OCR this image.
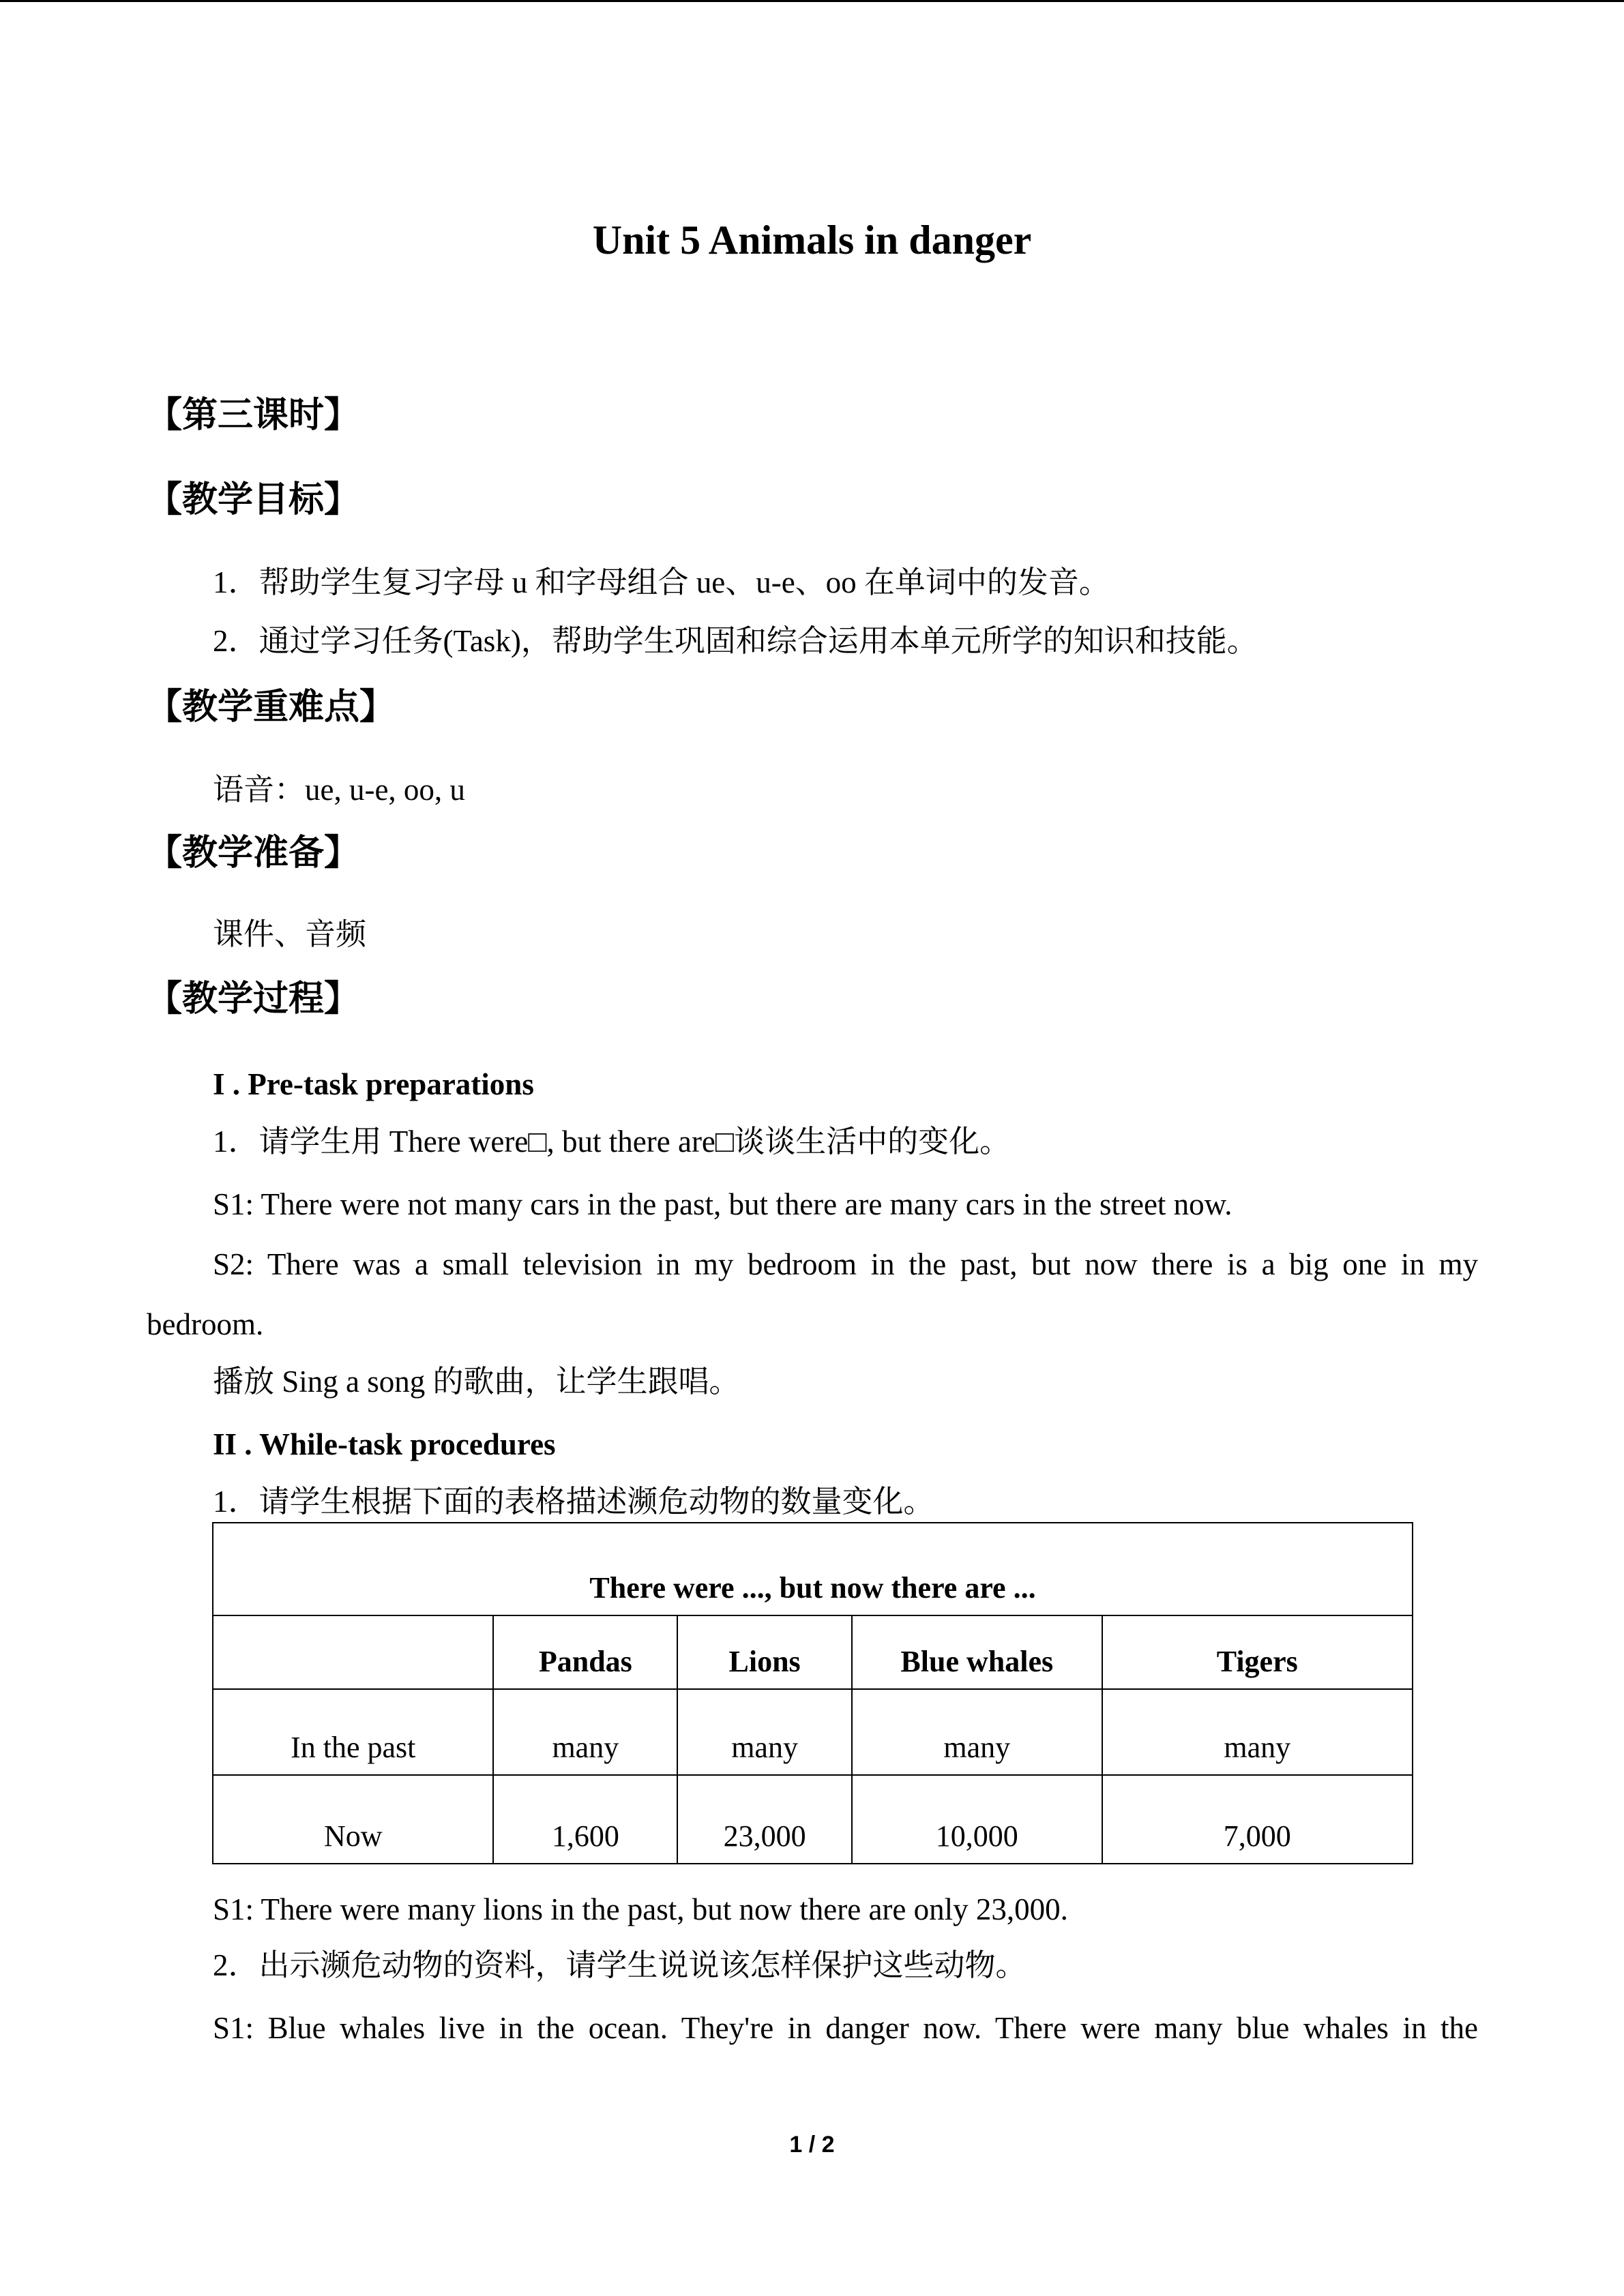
Unit 5 Animals in danger
【第三课时】
【教学目标】
1．帮助学生复习字母 u 和字母组合 ue、u-e、oo 在单词中的发音。
2．通过学习任务(Task)，帮助学生巩固和综合运用本单元所学的知识和技能。
【教学重难点】
语音：ue, u-e, oo, u
【教学准备】
课件、音频
【教学过程】
I . Pre-task preparations
1．请学生用 There were□, but there are□谈谈生活中的变化。
S1: There were not many cars in the past, but there are many cars in the street now.
S2: There was a small television in my bedroom in the past, but now there is a big one in my
bedroom.
播放 Sing a song 的歌曲，让学生跟唱。
II . While-task procedures
1．请学生根据下面的表格描述濒危动物的数量变化。
There were ..., but now there are ...				
	Pandas	Lions	Blue whales	Tigers
In the past	many	many	many	many
Now	1,600	23,000	10,000	7,000
S1: There were many lions in the past, but now there are only 23,000.
2．出示濒危动物的资料，请学生说说该怎样保护这些动物。
S1: Blue whales live in the ocean. They're in danger now. There were many blue whales in the
1 / 2
